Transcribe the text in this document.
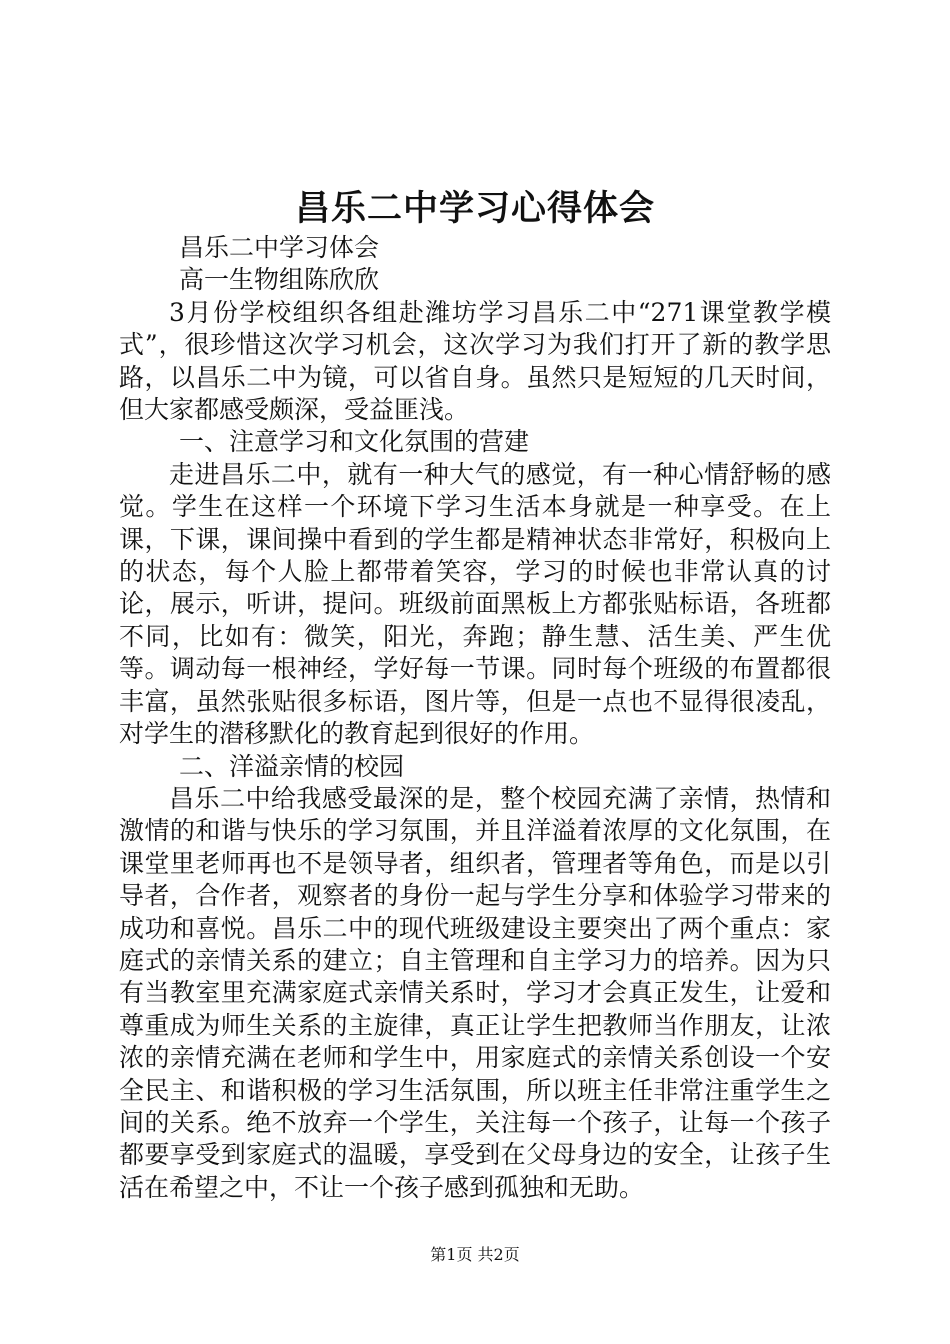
昌乐二中学习心得体会

昌乐二中学习体会

高一生物组陈欣欣

3月份学校组织各组赴潍坊学习昌乐二中“271课堂教学模式”，很珍惜这次学习机会，这次学习为我们打开了新的教学思路，以昌乐二中为镜，可以省自身。虽然只是短短的几天时间，但大家都感受颇深，受益匪浅。

一、注意学习和文化氛围的营建

走进昌乐二中，就有一种大气的感觉，有一种心情舒畅的感觉。学生在这样一个环境下学习生活本身就是一种享受。在上课，下课，课间操中看到的学生都是精神状态非常好，积极向上的状态，每个人脸上都带着笑容，学习的时候也非常认真的讨论，展示，听讲，提问。班级前面黑板上方都张贴标语，各班都不同，比如有：微笑，阳光，奔跑；静生慧、活生美、严生优等。调动每一根神经，学好每一节课。同时每个班级的布置都很丰富，虽然张贴很多标语，图片等，但是一点也不显得很凌乱，对学生的潜移默化的教育起到很好的作用。

二、洋溢亲情的校园

昌乐二中给我感受最深的是，整个校园充满了亲情，热情和激情的和谐与快乐的学习氛围，并且洋溢着浓厚的文化氛围，在课堂里老师再也不是领导者，组织者，管理者等角色，而是以引导者，合作者，观察者的身份一起与学生分享和体验学习带来的成功和喜悦。昌乐二中的现代班级建设主要突出了两个重点：家庭式的亲情关系的建立；自主管理和自主学习力的培养。因为只有当教室里充满家庭式亲情关系时，学习才会真正发生，让爱和尊重成为师生关系的主旋律，真正让学生把教师当作朋友，让浓浓的亲情充满在老师和学生中，用家庭式的亲情关系创设一个安全民主、和谐积极的学习生活氛围，所以班主任非常注重学生之间的关系。绝不放弃一个学生，关注每一个孩子，让每一个孩子都要享受到家庭式的温暖，享受到在父母身边的安全，让孩子生活在希望之中，不让一个孩子感到孤独和无助。

第1页 共2页
